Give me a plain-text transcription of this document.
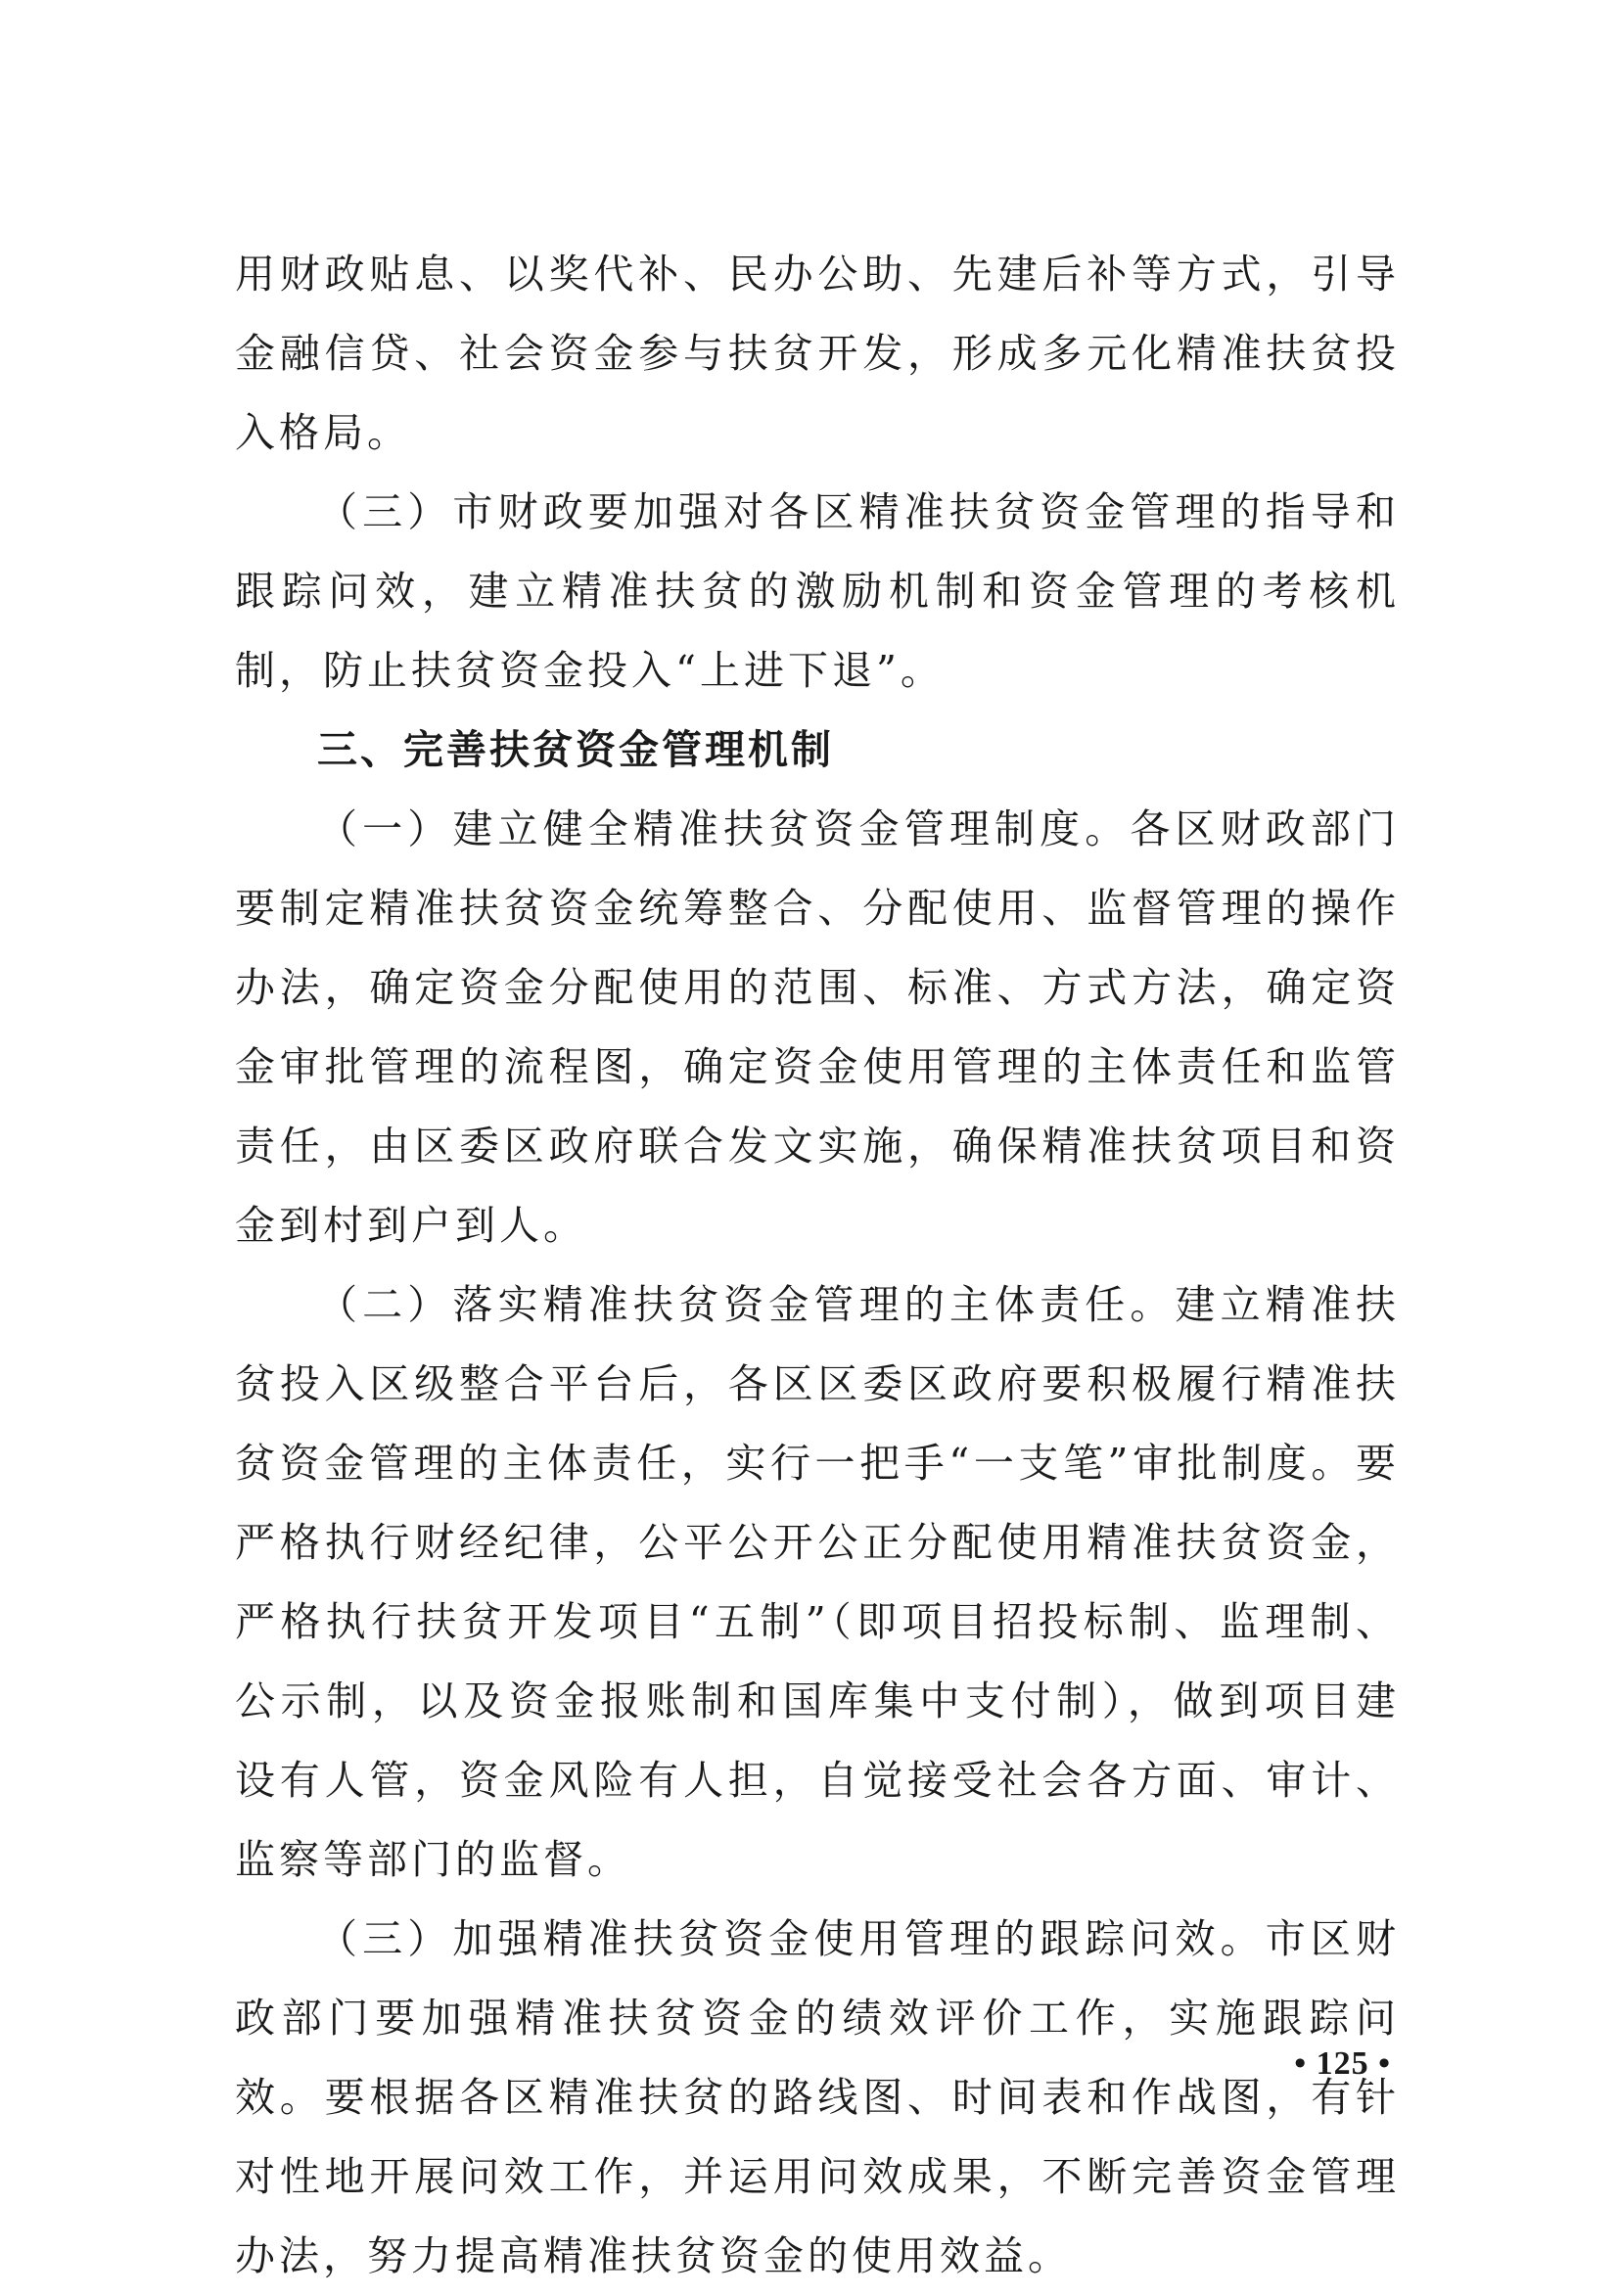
用财政贴息、以奖代补、民办公助、先建后补等方式，引导金融信贷、社会资金参与扶贫开发，形成多元化精准扶贫投入格局。

（三）市财政要加强对各区精准扶贫资金管理的指导和跟踪问效，建立精准扶贫的激励机制和资金管理的考核机制，防止扶贫资金投入“上进下退”。

三、完善扶贫资金管理机制

（一）建立健全精准扶贫资金管理制度。各区财政部门要制定精准扶贫资金统筹整合、分配使用、监督管理的操作办法，确定资金分配使用的范围、标准、方式方法，确定资金审批管理的流程图，确定资金使用管理的主体责任和监管责任，由区委区政府联合发文实施，确保精准扶贫项目和资金到村到户到人。

（二）落实精准扶贫资金管理的主体责任。建立精准扶贫投入区级整合平台后，各区区委区政府要积极履行精准扶贫资金管理的主体责任，实行一把手“一支笔”审批制度。要严格执行财经纪律，公平公开公正分配使用精准扶贫资金，严格执行扶贫开发项目“五制”（即项目招投标制、监理制、公示制，以及资金报账制和国库集中支付制），做到项目建设有人管，资金风险有人担，自觉接受社会各方面、审计、监察等部门的监督。

（三）加强精准扶贫资金使用管理的跟踪问效。市区财政部门要加强精准扶贫资金的绩效评价工作，实施跟踪问效。要根据各区精准扶贫的路线图、时间表和作战图，有针对性地开展问效工作，并运用问效成果，不断完善资金管理办法，努力提高精准扶贫资金的使用效益。

• 125 •
